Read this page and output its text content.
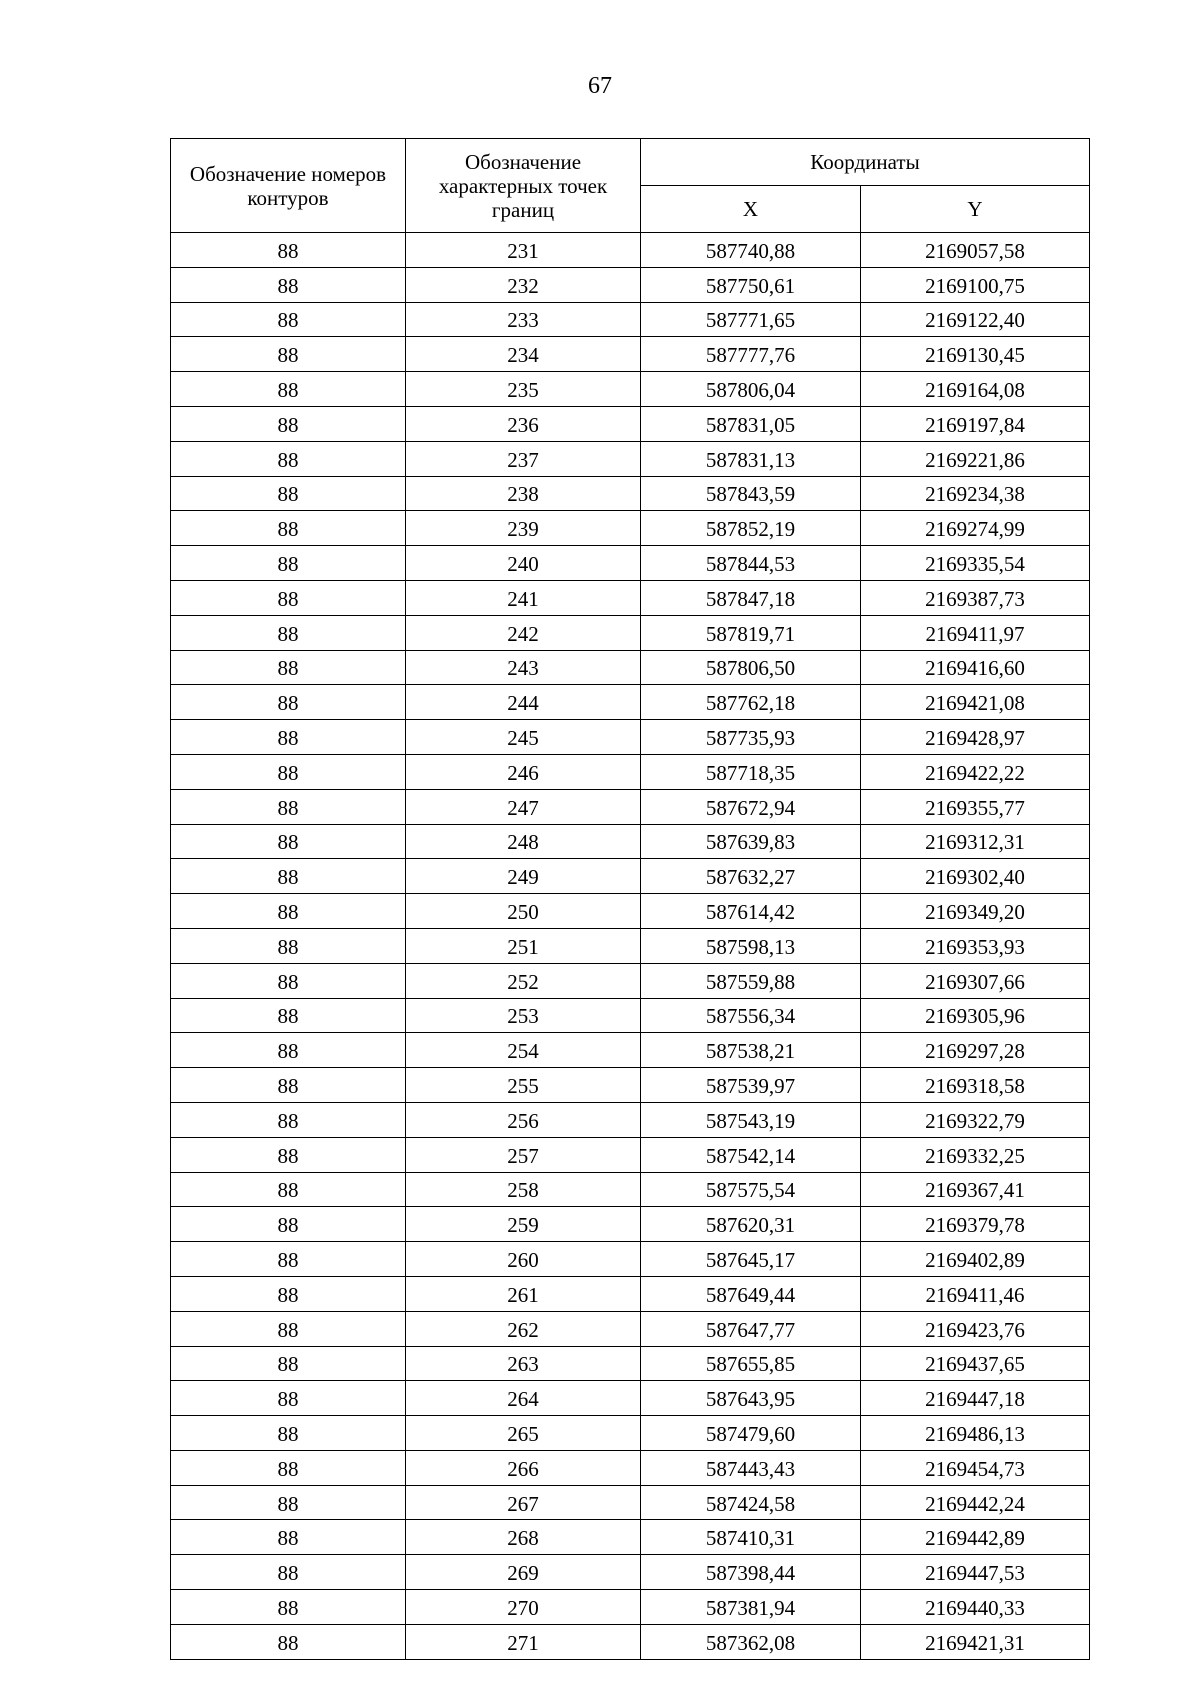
67
Обозначение номеров контуров	Обозначение характерных точек границ	Координаты	
		X	Y
88	231	587740,88	2169057,58
88	232	587750,61	2169100,75
88	233	587771,65	2169122,40
88	234	587777,76	2169130,45
88	235	587806,04	2169164,08
88	236	587831,05	2169197,84
88	237	587831,13	2169221,86
88	238	587843,59	2169234,38
88	239	587852,19	2169274,99
88	240	587844,53	2169335,54
88	241	587847,18	2169387,73
88	242	587819,71	2169411,97
88	243	587806,50	2169416,60
88	244	587762,18	2169421,08
88	245	587735,93	2169428,97
88	246	587718,35	2169422,22
88	247	587672,94	2169355,77
88	248	587639,83	2169312,31
88	249	587632,27	2169302,40
88	250	587614,42	2169349,20
88	251	587598,13	2169353,93
88	252	587559,88	2169307,66
88	253	587556,34	2169305,96
88	254	587538,21	2169297,28
88	255	587539,97	2169318,58
88	256	587543,19	2169322,79
88	257	587542,14	2169332,25
88	258	587575,54	2169367,41
88	259	587620,31	2169379,78
88	260	587645,17	2169402,89
88	261	587649,44	2169411,46
88	262	587647,77	2169423,76
88	263	587655,85	2169437,65
88	264	587643,95	2169447,18
88	265	587479,60	2169486,13
88	266	587443,43	2169454,73
88	267	587424,58	2169442,24
88	268	587410,31	2169442,89
88	269	587398,44	2169447,53
88	270	587381,94	2169440,33
88	271	587362,08	2169421,31
